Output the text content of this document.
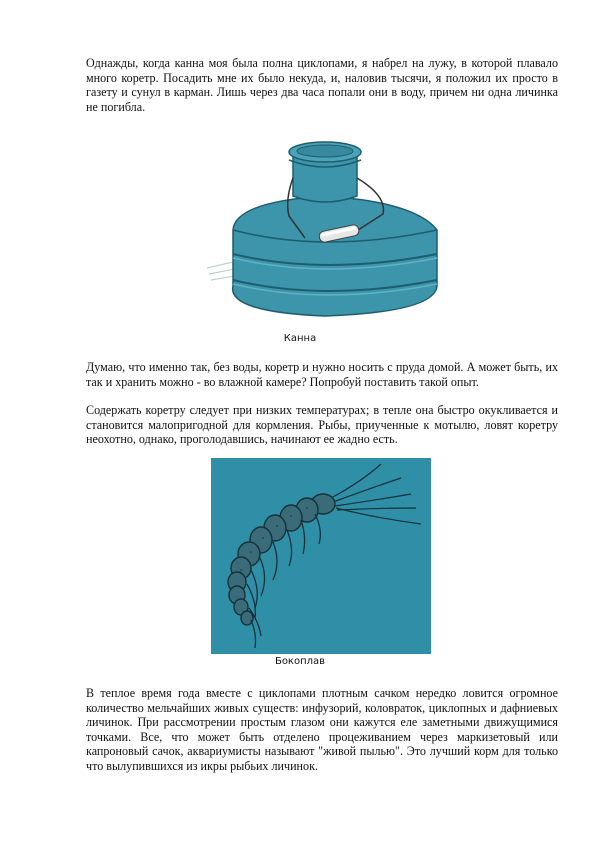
Однажды, когда канна моя была полна циклопами, я набрел на лужу, в которой плавало много коретр. Посадить мне их было некуда, и, наловив тысячи, я положил их просто в газету и сунул в карман. Лишь через два часа попали они в воду, причем ни одна личинка не погибла.

Канна

Думаю, что именно так, без воды, коретр и нужно носить с пруда домой. А может быть, их так и хранить можно - во влажной камере? Попробуй поставить такой опыт.

Содержать коретру следует при низких температурах; в тепле она быстро окукливается и становится малопригодной для кормления. Рыбы, приученные к мотылю, ловят коретру неохотно, однако, проголодавшись, начинают ее жадно есть.

Бокоплав

В теплое время года вместе с циклопами плотным сачком нередко ловится огромное количество мельчайших живых существ: инфузорий, коловраток, циклопных и дафниевых личинок. При рассмотрении простым глазом они кажутся еле заметными движущимися точками. Все, что может быть отделено процеживанием через маркизетовый или капроновый сачок, аквариумисты называют "живой пылью". Это лучший корм для только что вылупившихся из икры рыбьих личинок.
